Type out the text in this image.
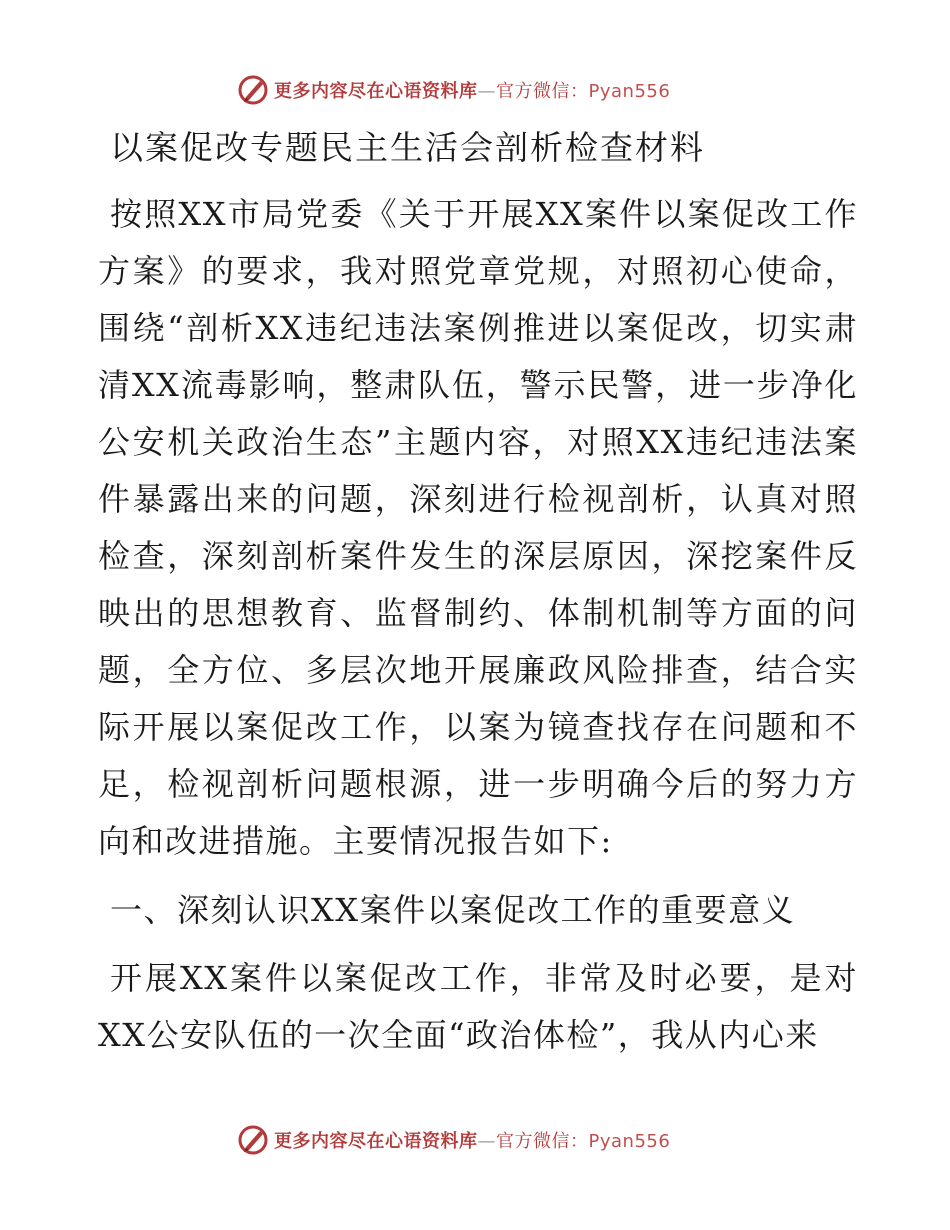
更多内容尽在心语资料库—官方微信：Pyan556
以案促改专题民主生活会剖析检查材料

按照XX市局党委《关于开展XX案件以案促改工作方案》的要求，我对照党章党规，对照初心使命，围绕“剖析XX违纪违法案例推进以案促改，切实肃清XX流毒影响，整肃队伍，警示民警，进一步净化公安机关政治生态”主题内容，对照XX违纪违法案件暴露出来的问题，深刻进行检视剖析，认真对照检查，深刻剖析案件发生的深层原因，深挖案件反映出的思想教育、监督制约、体制机制等方面的问题，全方位、多层次地开展廉政风险排查，结合实际开展以案促改工作，以案为镜查找存在问题和不足，检视剖析问题根源，进一步明确今后的努力方向和改进措施。主要情况报告如下:

一、深刻认识XX案件以案促改工作的重要意义

开展XX案件以案促改工作，非常及时必要，是对XX公安队伍的一次全面“政治体检”，我从内心来

更多内容尽在心语资料库—官方微信：Pyan556
